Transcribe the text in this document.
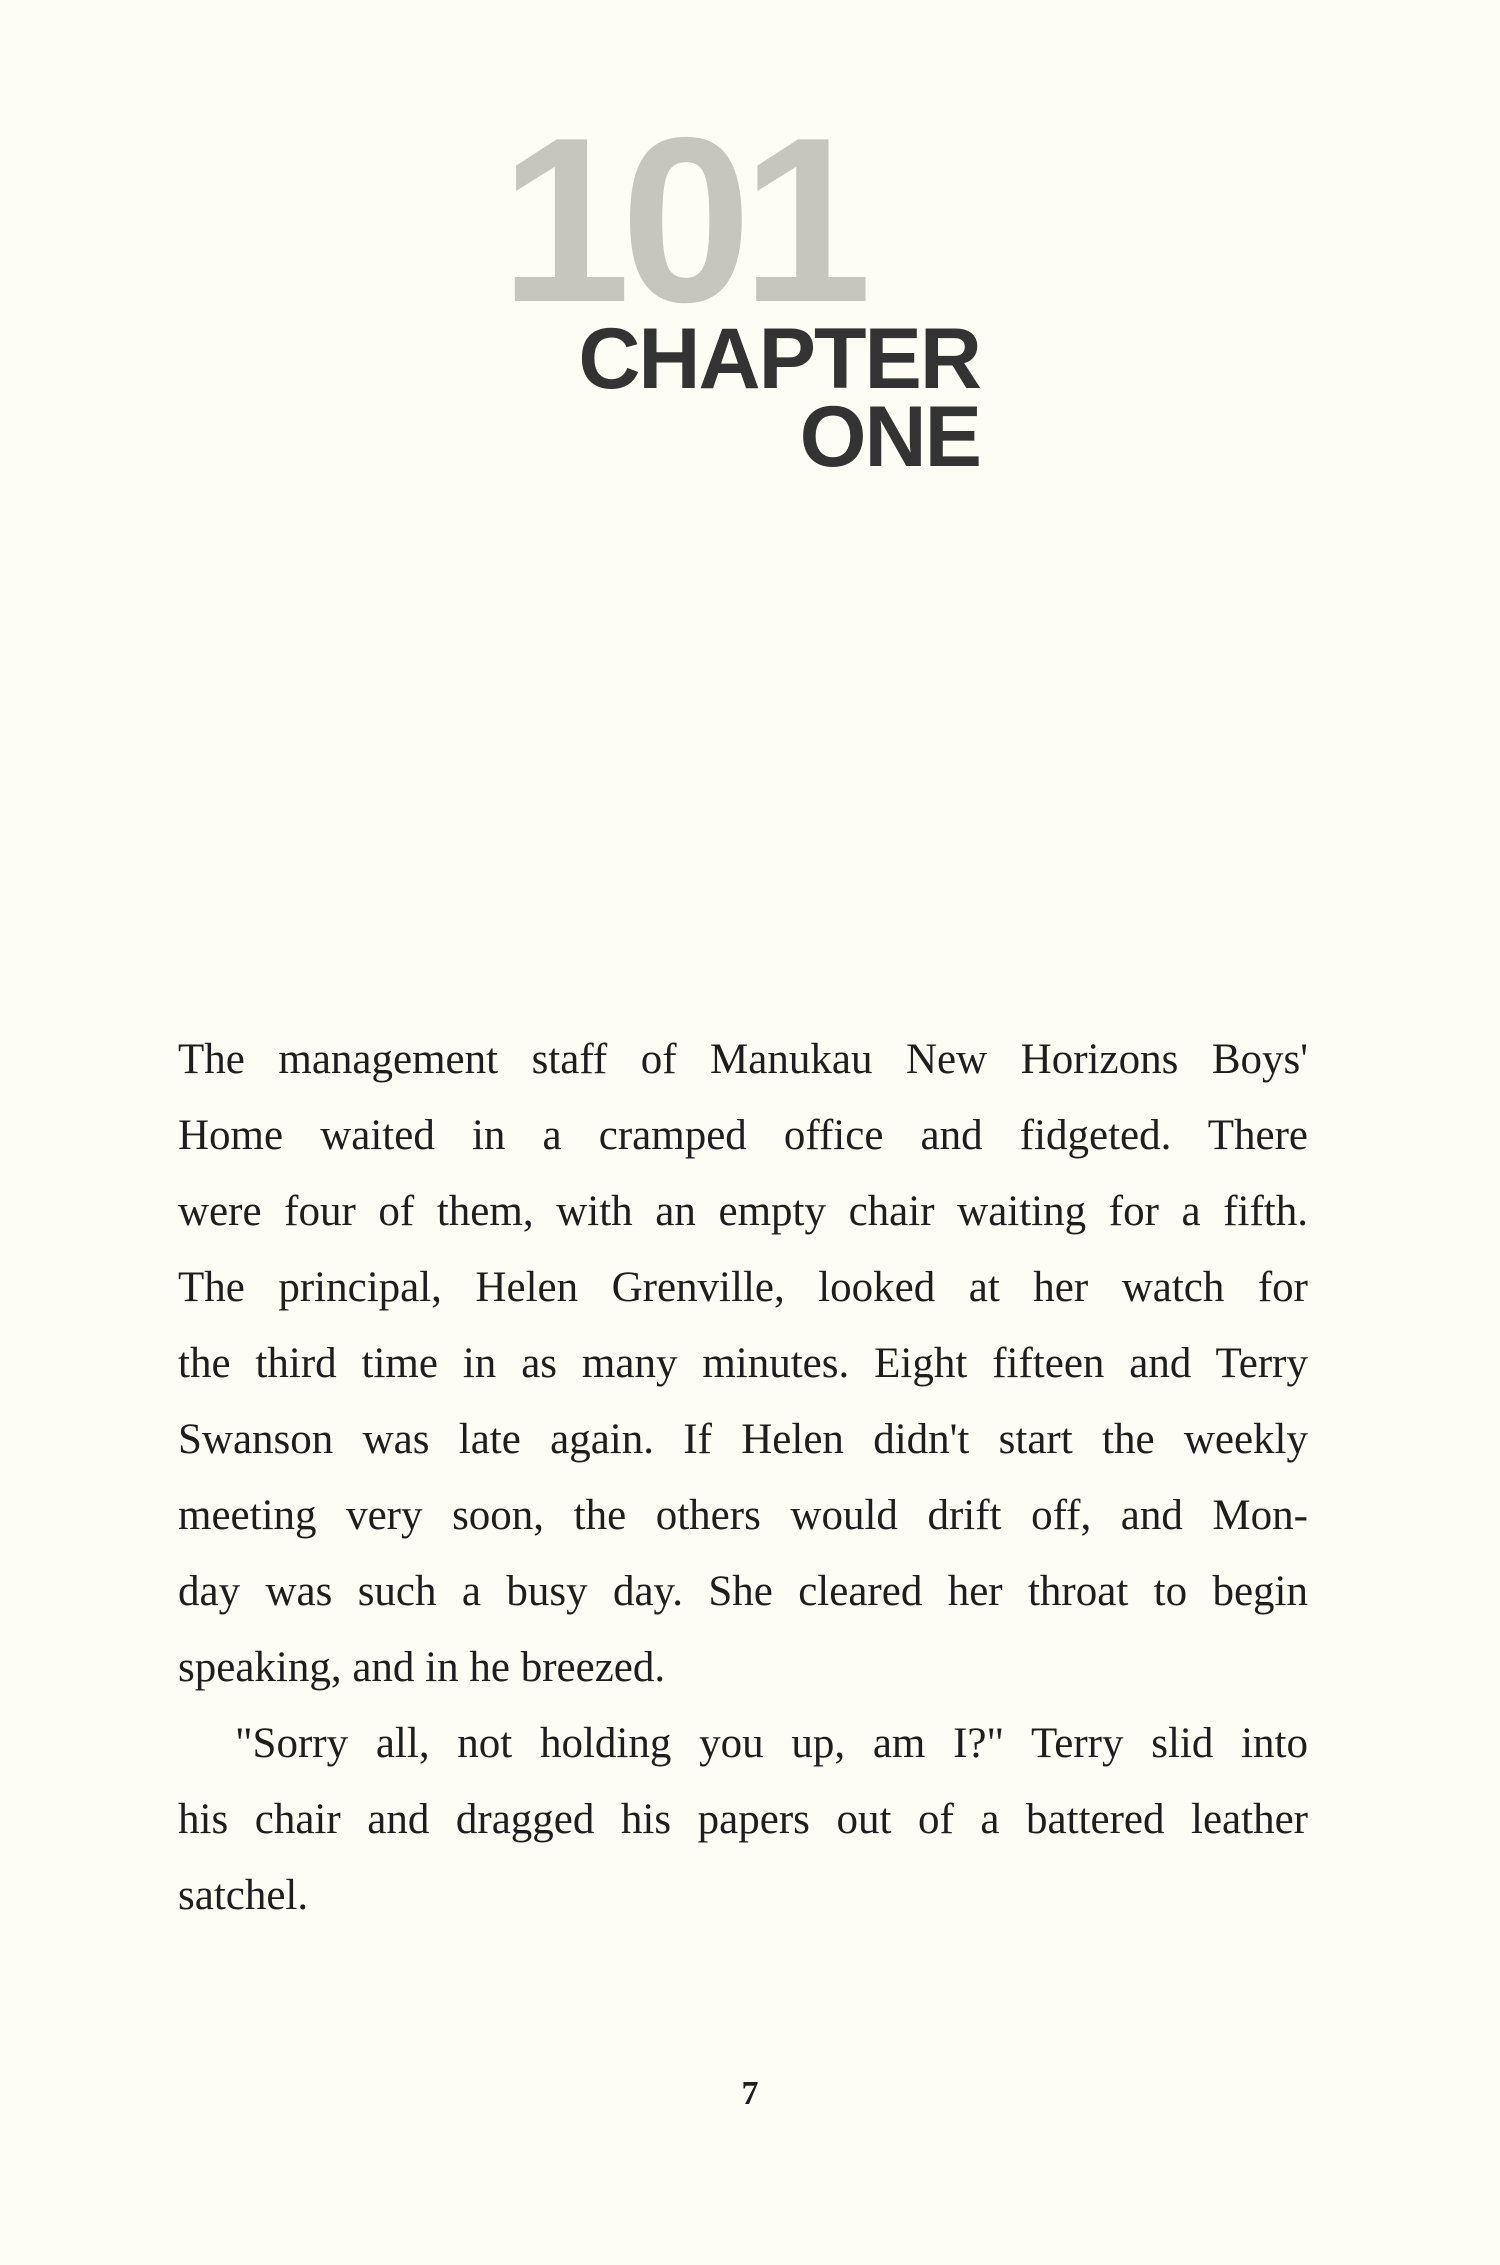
101
CHAPTER
ONE

The management staff of Manukau New Horizons Boys'

Home waited in a cramped office and fidgeted. There

were four of them, with an empty chair waiting for a fifth.

The principal, Helen Grenville, looked at her watch for

the third time in as many minutes. Eight fifteen and Terry

Swanson was late again. If Helen didn't start the weekly

meeting very soon, the others would drift off, and Mon-

day was such a busy day. She cleared her throat to begin

speaking, and in he breezed.

"Sorry all, not holding you up, am I?" Terry slid into

his chair and dragged his papers out of a battered leather

satchel.

7
